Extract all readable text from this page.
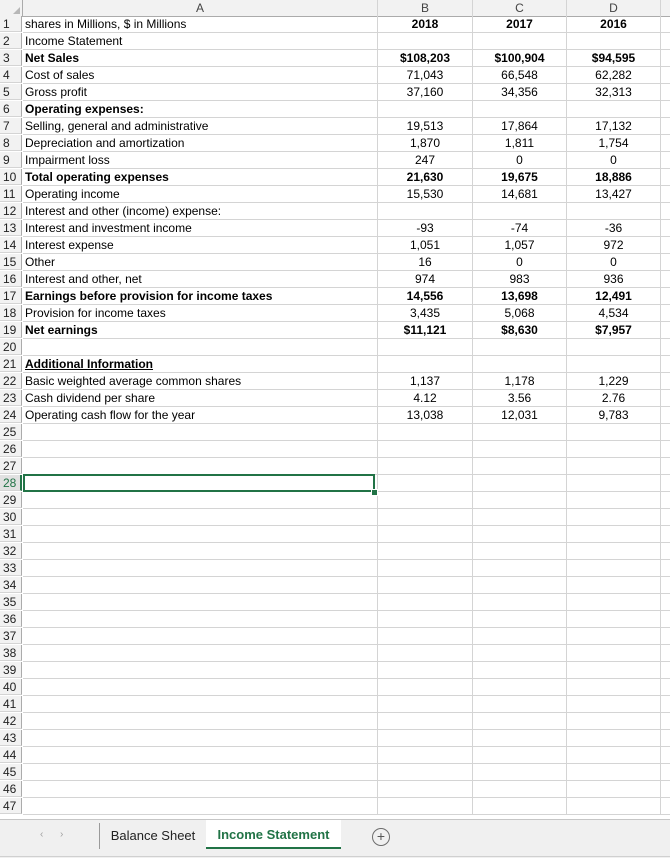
A	B	C	D
1	shares in Millions, $ in Millions	2018	2017	2016
2	Income Statement
3	Net Sales	$108,203	$100,904	$94,595
4	Cost of sales	71,043	66,548	62,282
5	Gross profit	37,160	34,356	32,313
6	Operating expenses:
7	Selling, general and administrative	19,513	17,864	17,132
8	Depreciation and amortization	1,870	1,811	1,754
9	Impairment loss	247	0	0
10 Total operating expenses	21,630	19,675	18,886
11 Operating income	15,530	14,681	13,427
12 Interest and other (income) expense:
13 Interest and investment income	-93	-74	-36
14 Interest expense	1,051	1,057	972
15 Other	16	0	0
16 Interest and other, net	974	983	936
17 Earnings before provision for income taxes	14,556	13,698	12,491
18 Provision for income taxes	3,435	5,068	4,534
19 Net earnings	$11,121	$8,630	$7,957
20
21 Additional Information
22 Basic weighted average common shares	1,137	1,178	1,229
23 Cash dividend per share	4.12	3.56	2.76
24 Operating cash flow for the year	13,038	12,031	9,783
25
26
27
28
29
30
31
32
33
34
35
36
37
38
39
40
41
42
43
44
45
46
47
‹ ›	Balance Sheet	Income Statement	+
